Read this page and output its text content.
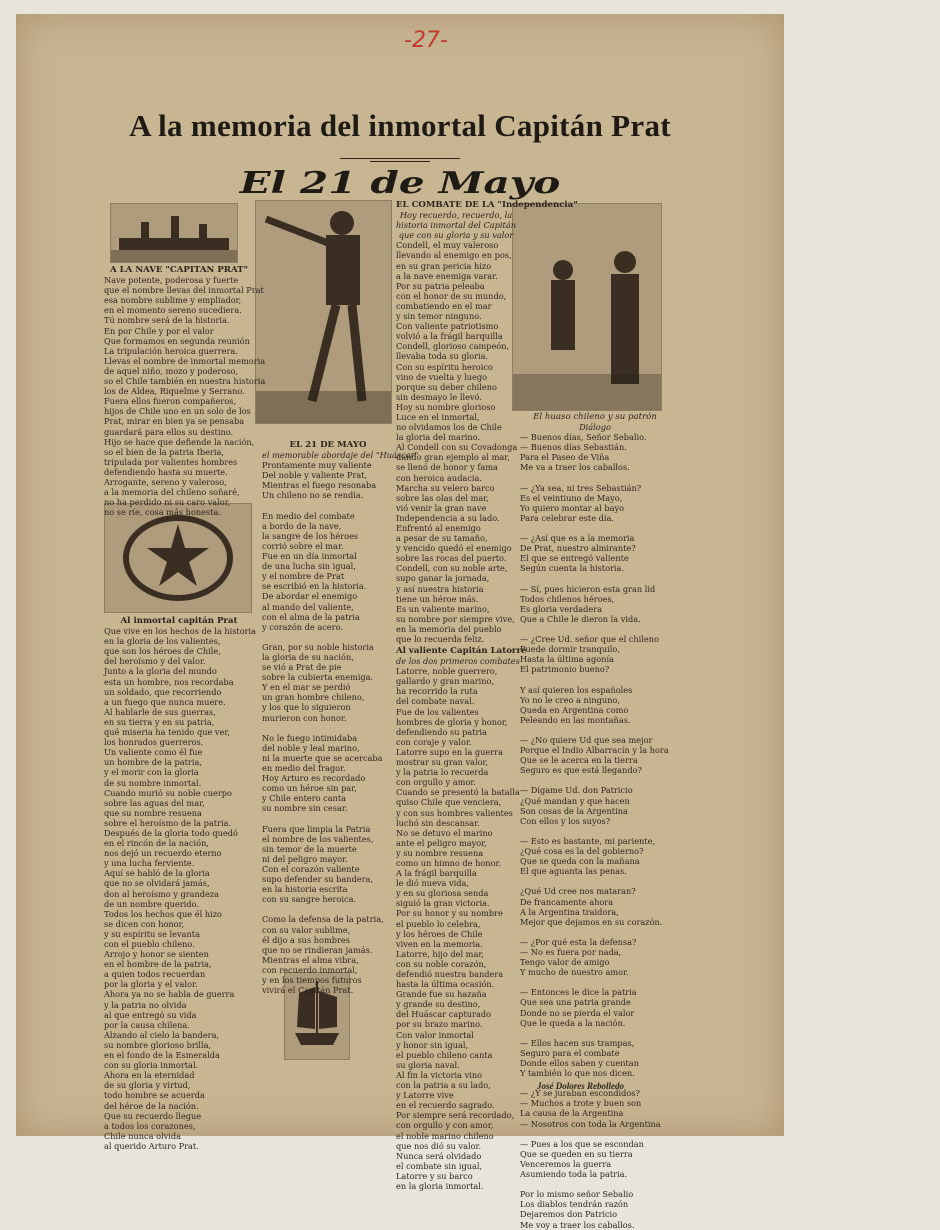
-27-
A la memoria del inmortal Capitán Prat
El 21 de Mayo

A LA NAVE "CAPITAN PRAT"

Nave potente, poderosa y fuerte

que el nombre llevas del inmortal Prat

esa nombre sublime y empliador,

en el momento sereno sucediera.

Tú nombre será de la historia.

En por Chile y por el valor

Que formamos en segunda reunión

La tripulación heroica guerrera.

Llevas el nombre de inmortal memoria

de aquel niño, mozo y poderoso,

so el Chile también en nuestra historia

los de Aldea, Riquelme y Serrano.

Fuera ellos fueron compañeros,

hijos de Chile uno en un solo de los

Prat, mirar en bien ya se pensaba

guardará para ellos su destino.

Hijo se hace que defiende la nación,

so el bien de la patria Iberia,

tripulada por valientes hombres

defendiendo hasta su muerte.

Arrogante, sereno y valeroso,

a la memoria del chileno soñaré,

no ha perdido ni su caro valor,

no se ríe, cosa más honesta.

Al inmortal capitán Prat

Que vive en los hechos de la historia

en la gloria de los valientes,

que son los héroes de Chile,

del heroísmo y del valor.

Junto a la gloria del mundo

esta un hombre, nos recordaba

un soldado, que recorriendo

a un fuego que nunca muere.

Al hablarle de sus guerras,

en su tierra y en su patria,

qué miseria ha tenido que ver,

los honrados guerreros.

Un valiente como él fue

un hombre de la patria,

y el morir con la gloria

de su nombre inmortal.

Cuando murió su noble cuerpo

sobre las aguas del mar,

que su nombre resuena

sobre el heroísmo de la patria.

Después de la gloria todo quedó

en el rincón de la nación,

nos dejó un recuerdo eterno

y una lucha ferviente.

Aquí se habló de la gloria

que no se olvidará jamás,

don al heroísmo y grandeza

de un nombre querido.

Todos los hechos que él hizo

se dicen con honor,

y su espíritu se levanta

con el pueblo chileno.

Arrojo y honor se sienten

en el hombre de la patria,

a quien todos recuerdan

por la gloria y el valor.

Ahora ya no se habla de guerra

y la patria no olvida

al que entregó su vida

por la causa chilena.

Alzando al cielo la bandera,

su nombre glorioso brilla,

en el fondo de la Esmeralda

con su gloria inmortal.

Ahora en la eternidad

de su gloria y virtud,

todo hombre se acuerda

del héroe de la nación.

Que su recuerdo llegue

a todos los corazones,

Chile nunca olvida

al querido Arturo Prat.

EL 21 DE MAYO

el memorable abordaje del "Huáscar"

Prontamente muy valiente

Del noble y valiente Prat,

Mientras el fuego resonaba

Un chileno no se rendía.

En medio del combate

a bordo de la nave,

la sangre de los héroes

corrió sobre el mar.

Fue en un día inmortal

de una lucha sin igual,

y el nombre de Prat

se escribió en la historia.

De abordar el enemigo

al mando del valiente,

con el alma de la patria

y corazón de acero.

Gran, por su noble historia

la gloria de su nación,

se vió a Prat de pie

sobre la cubierta enemiga.

Y en el mar se perdió

un gran hombre chileno,

y los que lo siguieron

murieron con honor.

No le fuego intimidaba

del noble y leal marino,

ni la muerte que se acercaba

en medio del fragor.

Hoy Arturo es recordado

como un héroe sin par,

y Chile entero canta

su nombre sin cesar.

Fuera que limpia la Patria

el nombre de los valientes,

sin temor de la muerte

ni del peligro mayor.

Con el corazón valiente

supo defender su bandera,

en la historia escrita

con su sangre heroica.

Como la defensa de la patria,

con su valor sublime,

él dijo a sus hombres

que no se rindieran jamás.

Mientras el alma vibra,

con recuerdo inmortal,

y en los tiempos futuros

vivirá el Capitán Prat.

EL COMBATE DE LA "Independencia"

Hoy recuerdo, recuerdo, la historia inmortal del Capitán que con su gloria y su valor

Condell, el muy valeroso

llevando al enemigo en pos,

en su gran pericia hizo

a la nave enemiga varar.

Por su patria peleaba

con el honor de su mundo,

combatiendo en el mar

y sin temor ninguno.

Con valiente patriotismo

volvió a la frágil barquilla

Condell, glorioso campeón,

llevaba toda su gloria.

Con su espíritu heroico

vino de vuelta y luego

porque su deber chileno

sin desmayo le llevó.

Hoy su nombre glorioso

Luce en el inmortal,

no olvidamos los de Chile

la gloria del marino.

Al Condell con su Covadonga

dando gran ejemplo al mar,

se llenó de honor y fama

con heroica audacia.

Marcha su velero barco

sobre las olas del mar,

vió venir la gran nave

Independencia a su lado.

Enfrentó al enemigo

a pesar de su tamaño,

y vencido quedó el enemigo

sobre las rocas del puerto.

Condell, con su noble arte,

supo ganar la jornada,

y así nuestra historia

tiene un héroe más.

Es un valiente marino,

su nombre por siempre vive,

en la memoria del pueblo

que lo recuerda feliz.

Al valiente Capitán Latorre

de los dos primeros combates

Latorre, noble guerrero,

gallardo y gran marino,

ha recorrido la ruta

del combate naval.

Fue de los valientes

hombres de gloria y honor,

defendiendo su patria

con coraje y valor.

Latorre supo en la guerra

mostrar su gran valor,

y la patria lo recuerda

con orgullo y amor.

Cuando se presentó la batalla

quiso Chile que venciera,

y con sus hombres valientes

luchó sin descansar.

No se detuvo el marino

ante el peligro mayor,

y su nombre resuena

como un himno de honor.

A la frágil barquilla

le dió nueva vida,

y en su gloriosa senda

siguió la gran victoria.

Por su honor y su nombre

el pueblo lo celebra,

y los héroes de Chile

viven en la memoria.

Latorre, hijo del mar,

con su noble corazón,

defendió nuestra bandera

hasta la última ocasión.

Grande fue su hazaña

y grande su destino,

del Huáscar capturado

por su brazo marino.

Con valor inmortal

y honor sin igual,

el pueblo chileno canta

su gloria naval.

Al fin la victoria vino

con la patria a su lado,

y Latorre vive

en el recuerdo sagrado.

Por siempre será recordado,

con orgullo y con amor,

el noble marino chileno

que nos dió su valor.

Nunca será olvidado

el combate sin igual,

Latorre y su barco

en la gloria inmortal.

El huaso chileno y su patrón

Diálogo

— Buenos días, Señor Sebalio.

— Buenos días Sebastián.

Para el Paseo de Viña

Me va a traer los caballos.

— ¿Ya sea, ni tres Sebastián?

Es el veintiuno de Mayo,

Yo quiero montar al bayo

Para celebrar este día.

— ¿Así que es a la memoria

De Prat, nuestro almirante?

El que se entregó valiente

Según cuenta la historia.

— Sí, pues hicieron esta gran lid

Todos chilenos héroes,

Es gloria verdadera

Que a Chile le dieron la vida.

— ¿Cree Ud. señor que el chileno

Puede dormir tranquilo,

Hasta la última agonía

El patrimonio bueno?

Y así quieren los españoles

Yo no le creo a ninguno,

Queda en Argentina como

Peleando en las montañas.

— ¿No quiere Ud que sea mejor

Porque el Indio Albarracín y la hora

Que se le acerca en la tierra

Seguro es que está llegando?

— Dígame Ud. don Patricio

¿Qué mandan y que hacen

Son cosas de la Argentina

Con ellos y los suyos?

— Esto es bastante, mi pariente,

¿Qué cosa es la del gobierno?

Que se queda con la mañana

El que aguanta las penas.

¿Qué Ud cree nos mataran?

De francamente ahora

A la Argentina traidora,

Mejor que dejamos en su corazón.

— ¿Por qué esta la defensa?

— No es fuera por nada,

Tengo valor de amigo

Y mucho de nuestro amor.

— Entonces le dice la patria

Que sea una patria grande

Donde no se pierda el valor

Que le queda a la nación.

— Ellos hacen sus trampas,

Seguro para el combate

Donde ellos saben y cuentan

Y también lo que nos dicen.

— ¿Y se juraban escondidos?

— Muchos a trote y buen son

La causa de la Argentina

— Nosotros con toda la Argentina

— Pues a los que se escondan

Que se queden en su tierra

Venceremos la guerra

Asumiendo toda la patria.

Por lo mismo señor Sebalio

Los diablos tendrán razón

Dejaremos don Patricio

Me voy a traer los caballos.

José Dolores Rebolledo
